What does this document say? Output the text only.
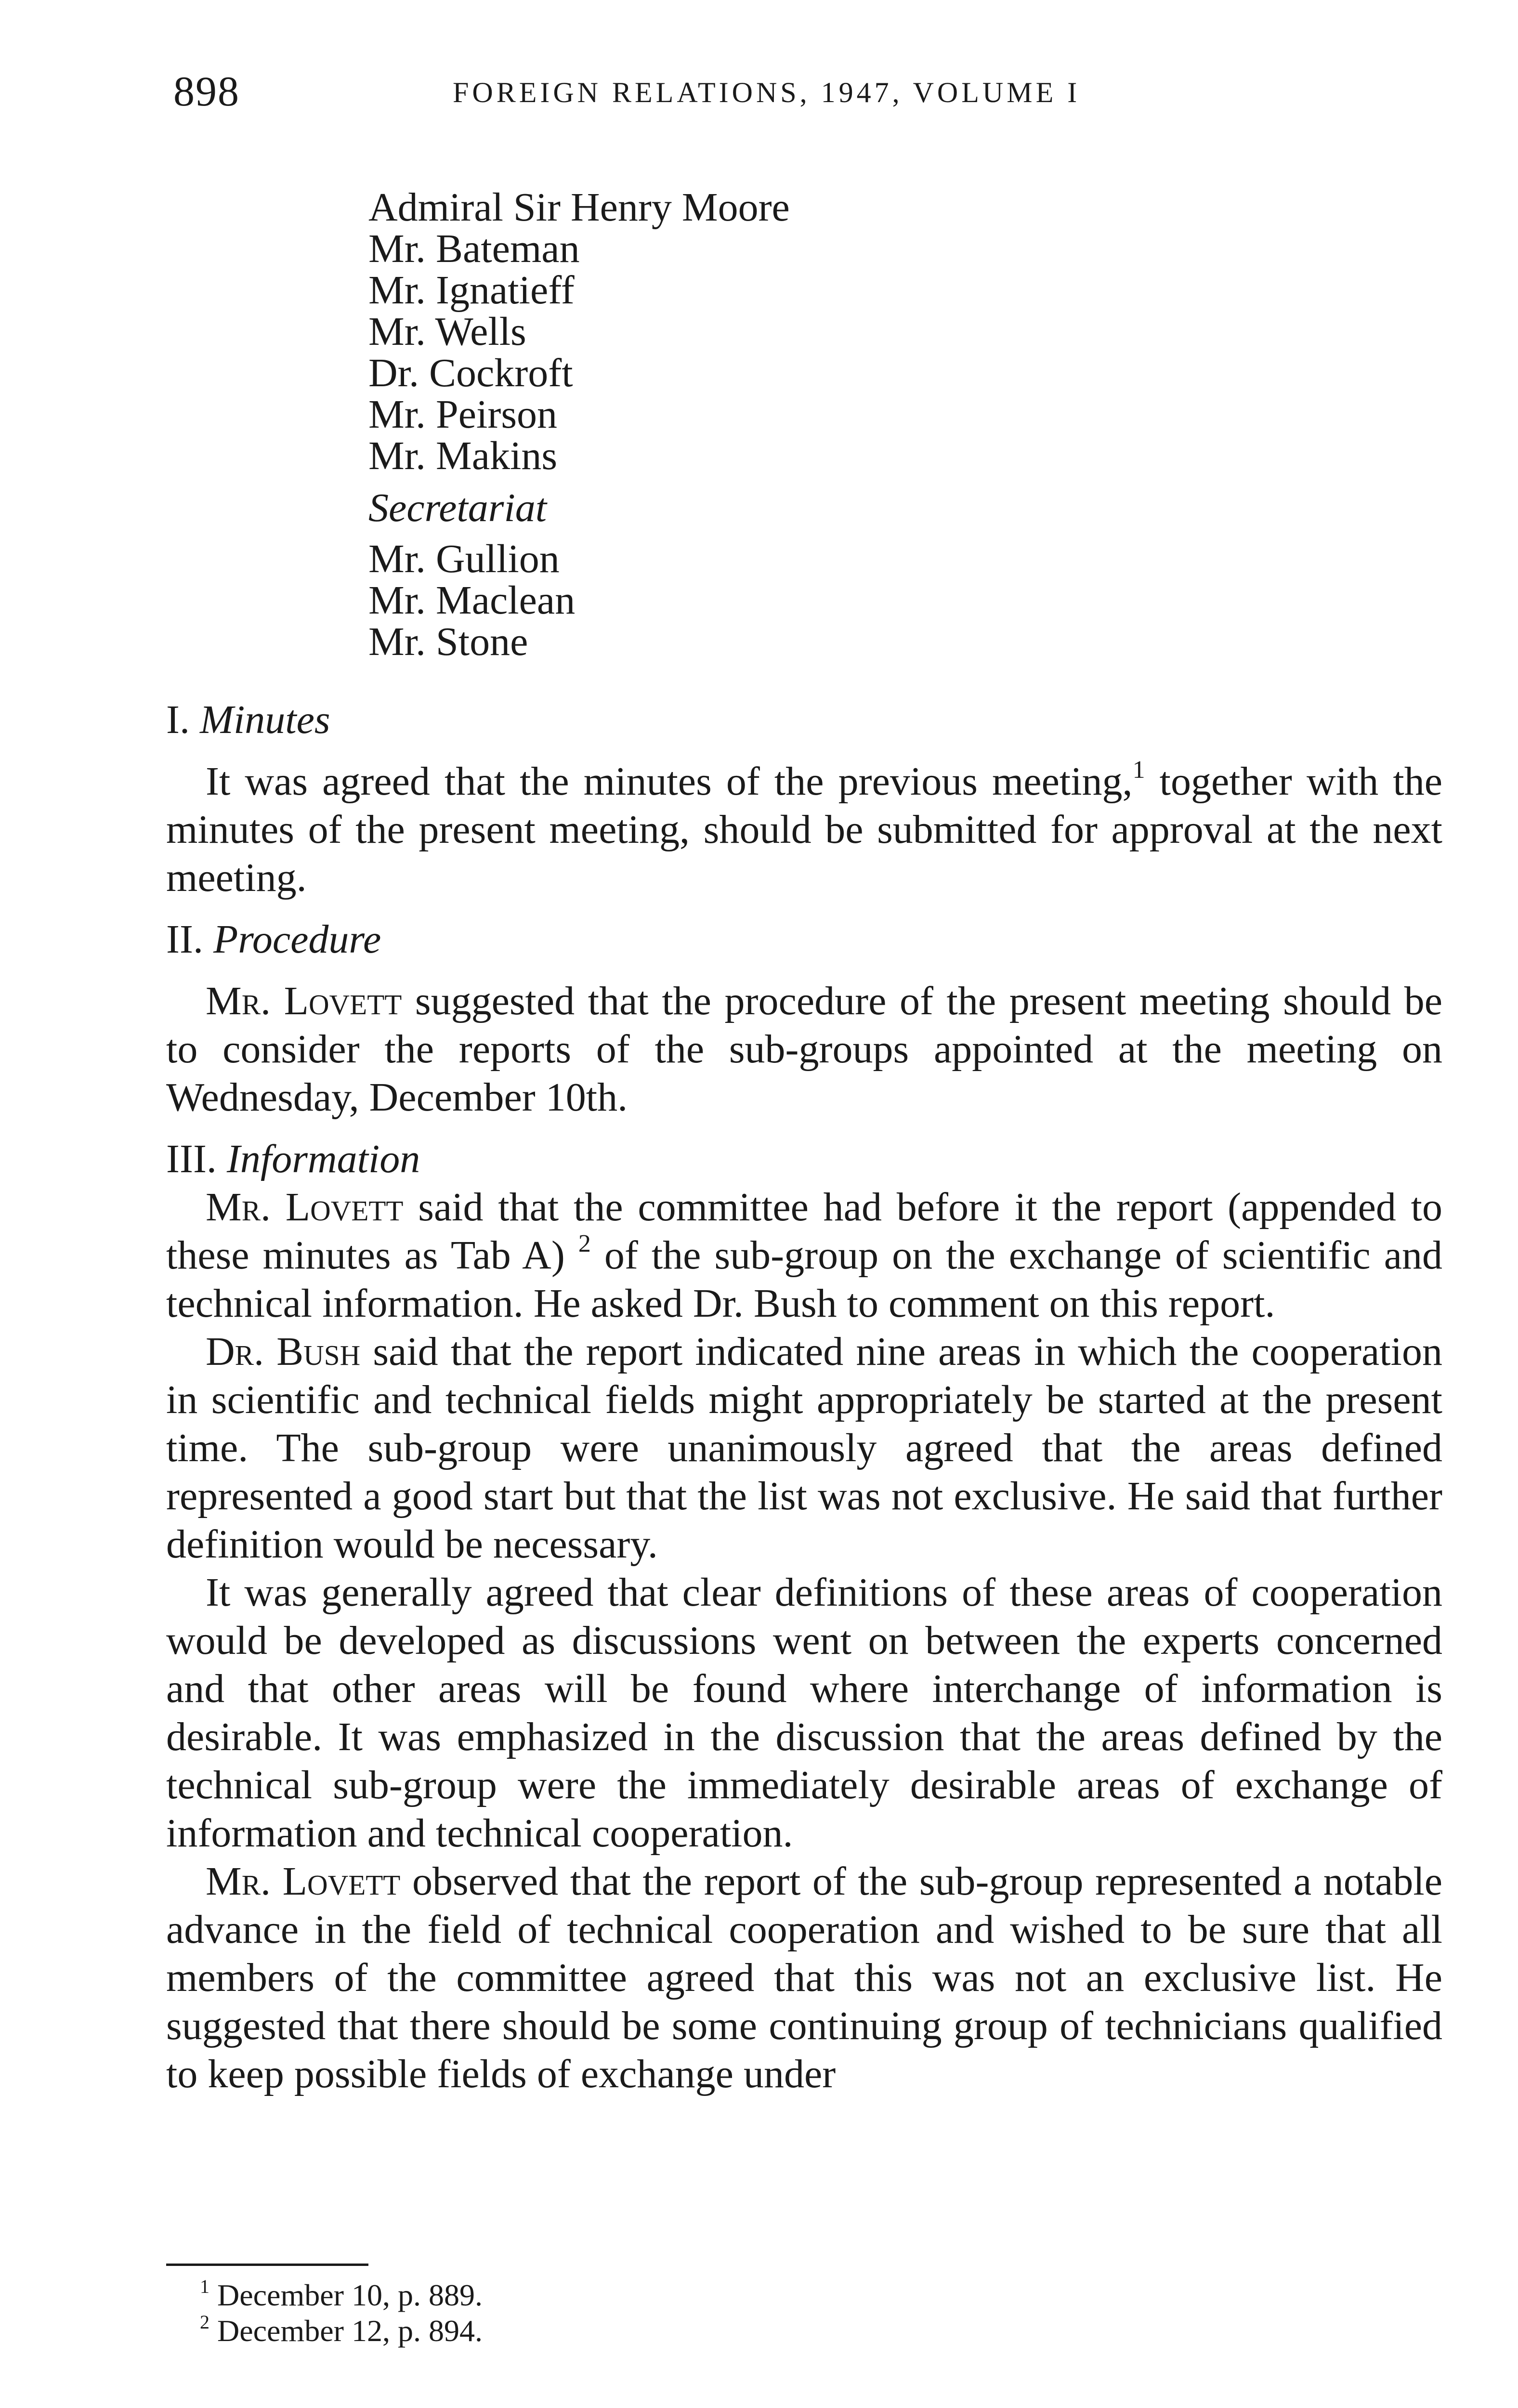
898	FOREIGN RELATIONS, 1947, VOLUME I
Admiral Sir Henry Moore
Mr. Bateman
Mr. Ignatieff
Mr. Wells
Dr. Cockroft
Mr. Peirson
Mr. Makins
Secretariat
Mr. Gullion
Mr. Maclean
Mr. Stone
I. Minutes

It was agreed that the minutes of the previous meeting,$^1$ together with the minutes of the present meeting, should be submitted for approval at the next meeting.

II. Procedure

Mr. Lovett suggested that the procedure of the present meeting should be to consider the reports of the sub-groups appointed at the meeting on Wednesday, December 10th.

III. Information

Mr. Lovett said that the committee had before it the report (appended to these minutes as Tab A) $^2$ of the sub-group on the exchange of scientific and technical information. He asked Dr. Bush to comment on this report.

Dr. Bush said that the report indicated nine areas in which the cooperation in scientific and technical fields might appropriately be started at the present time. The sub-group were unanimously agreed that the areas defined represented a good start but that the list was not exclusive. He said that further definition would be necessary.

It was generally agreed that clear definitions of these areas of cooperation would be developed as discussions went on between the experts concerned and that other areas will be found where interchange of information is desirable. It was emphasized in the discussion that the areas defined by the technical sub-group were the immediately desirable areas of exchange of information and technical cooperation.

Mr. Lovett observed that the report of the sub-group represented a notable advance in the field of technical cooperation and wished to be sure that all members of the committee agreed that this was not an exclusive list. He suggested that there should be some continuing group of technicians qualified to keep possible fields of exchange under

$^1$ December 10, p. 889.

$^2$ December 12, p. 894.
